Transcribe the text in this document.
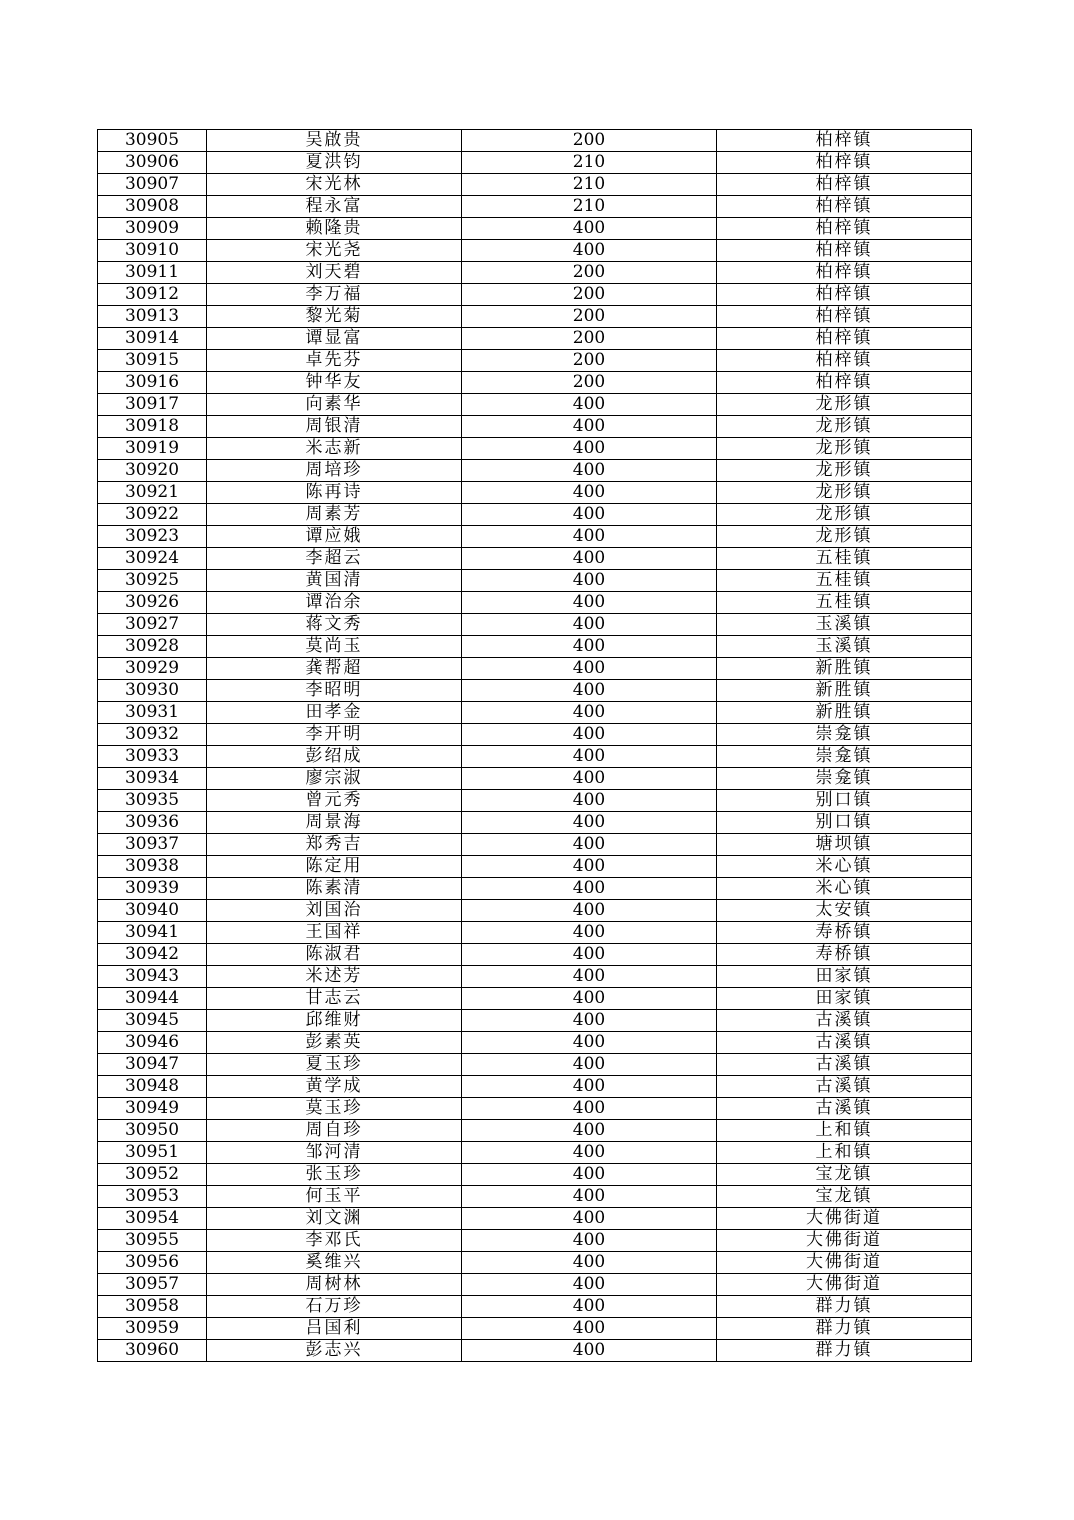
30905	吴啟贵	200	柏梓镇
30906	夏洪钧	210	柏梓镇
30907	宋光林	210	柏梓镇
30908	程永富	210	柏梓镇
30909	赖隆贵	400	柏梓镇
30910	宋光尧	400	柏梓镇
30911	刘天碧	200	柏梓镇
30912	李万福	200	柏梓镇
30913	黎光菊	200	柏梓镇
30914	谭显富	200	柏梓镇
30915	卓先芬	200	柏梓镇
30916	钟华友	200	柏梓镇
30917	向素华	400	龙形镇
30918	周银清	400	龙形镇
30919	米志新	400	龙形镇
30920	周培珍	400	龙形镇
30921	陈再诗	400	龙形镇
30922	周素芳	400	龙形镇
30923	谭应娥	400	龙形镇
30924	李超云	400	五桂镇
30925	黄国清	400	五桂镇
30926	谭治余	400	五桂镇
30927	蒋文秀	400	玉溪镇
30928	莫尚玉	400	玉溪镇
30929	龚帮超	400	新胜镇
30930	李昭明	400	新胜镇
30931	田孝金	400	新胜镇
30932	李开明	400	崇龛镇
30933	彭绍成	400	崇龛镇
30934	廖宗淑	400	崇龛镇
30935	曾元秀	400	别口镇
30936	周景海	400	别口镇
30937	郑秀吉	400	塘坝镇
30938	陈定用	400	米心镇
30939	陈素清	400	米心镇
30940	刘国治	400	太安镇
30941	王国祥	400	寿桥镇
30942	陈淑君	400	寿桥镇
30943	米述芳	400	田家镇
30944	甘志云	400	田家镇
30945	邱维财	400	古溪镇
30946	彭素英	400	古溪镇
30947	夏玉珍	400	古溪镇
30948	黄学成	400	古溪镇
30949	莫玉珍	400	古溪镇
30950	周自珍	400	上和镇
30951	邹河清	400	上和镇
30952	张玉珍	400	宝龙镇
30953	何玉平	400	宝龙镇
30954	刘文渊	400	大佛街道
30955	李邓氏	400	大佛街道
30956	奚维兴	400	大佛街道
30957	周树林	400	大佛街道
30958	石万珍	400	群力镇
30959	吕国利	400	群力镇
30960	彭志兴	400	群力镇
